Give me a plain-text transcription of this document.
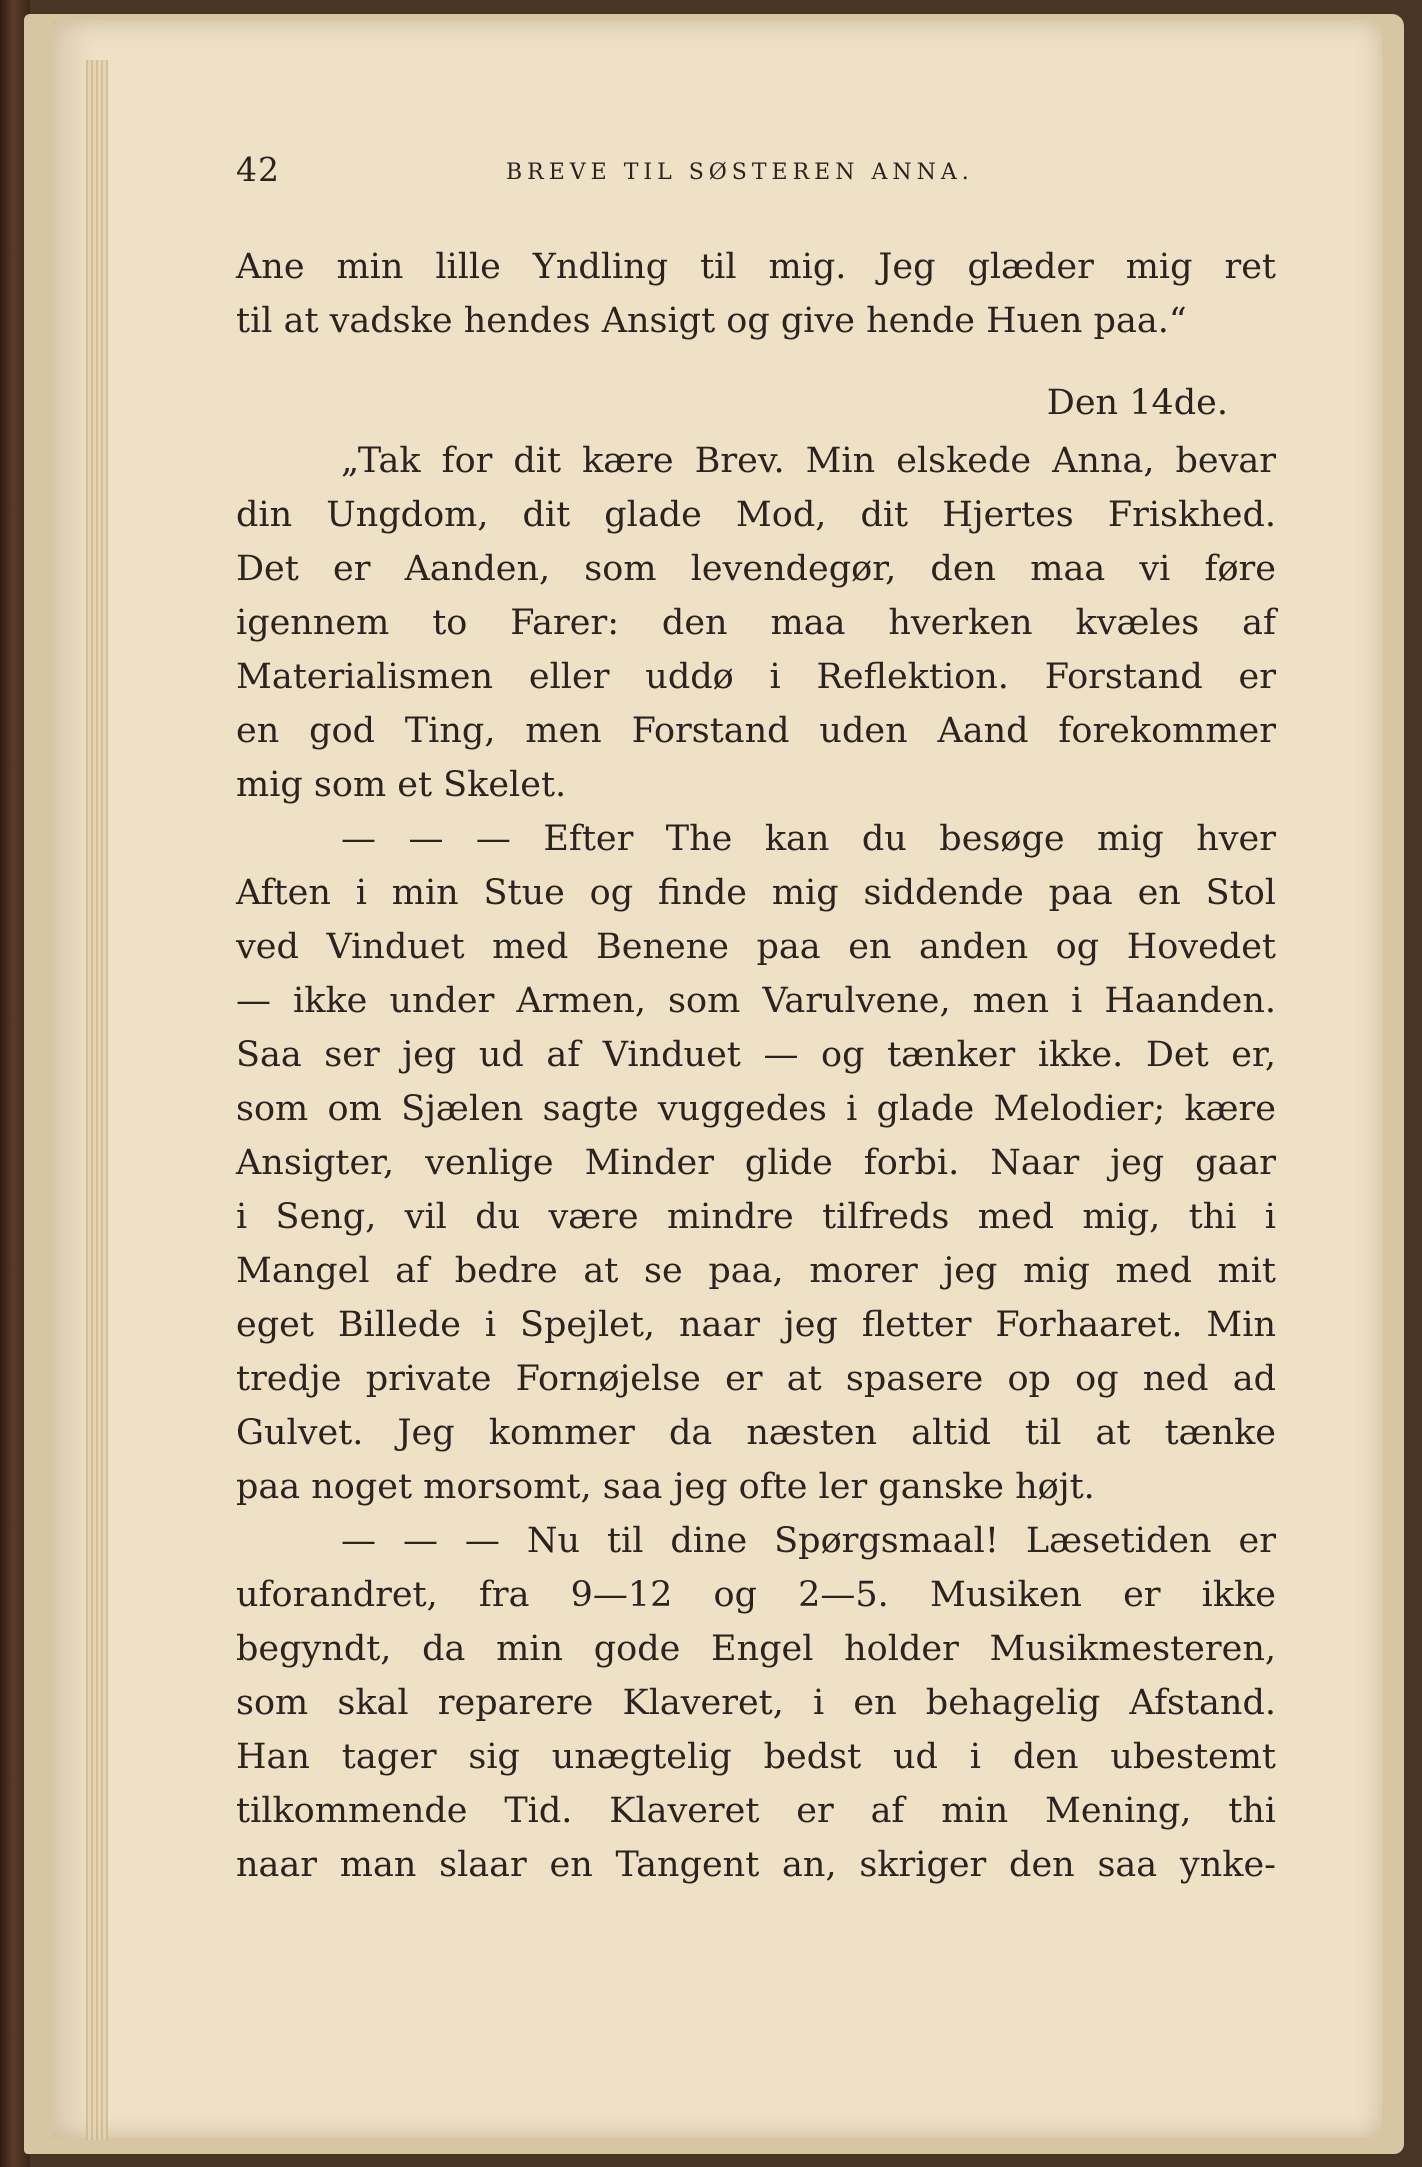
42	BREVE TIL SØSTEREN ANNA.
Ane min lille Yndling til mig. Jeg glæder mig ret
til at vadske hendes Ansigt og give hende Huen paa.“
Den 14de.
„Tak for dit kære Brev. Min elskede Anna, bevar
din Ungdom, dit glade Mod, dit Hjertes Friskhed.
Det er Aanden, som levendegør, den maa vi føre
igennem to Farer: den maa hverken kvæles af
Materialismen eller uddø i Reflektion. Forstand er
en god Ting, men Forstand uden Aand forekommer
mig som et Skelet.
— — — Efter The kan du besøge mig hver
Aften i min Stue og finde mig siddende paa en Stol
ved Vinduet med Benene paa en anden og Hovedet
— ikke under Armen, som Varulvene, men i Haanden.
Saa ser jeg ud af Vinduet — og tænker ikke. Det er,
som om Sjælen sagte vuggedes i glade Melodier; kære
Ansigter, venlige Minder glide forbi. Naar jeg gaar
i Seng, vil du være mindre tilfreds med mig, thi i
Mangel af bedre at se paa, morer jeg mig med mit
eget Billede i Spejlet, naar jeg fletter Forhaaret. Min
tredje private Fornøjelse er at spasere op og ned ad
Gulvet. Jeg kommer da næsten altid til at tænke
paa noget morsomt, saa jeg ofte ler ganske højt.
— — — Nu til dine Spørgsmaal! Læsetiden er
uforandret, fra 9—12 og 2—5. Musiken er ikke
begyndt, da min gode Engel holder Musikmesteren,
som skal reparere Klaveret, i en behagelig Afstand.
Han tager sig unægtelig bedst ud i den ubestemt
tilkommende Tid. Klaveret er af min Mening, thi
naar man slaar en Tangent an, skriger den saa ynke-
